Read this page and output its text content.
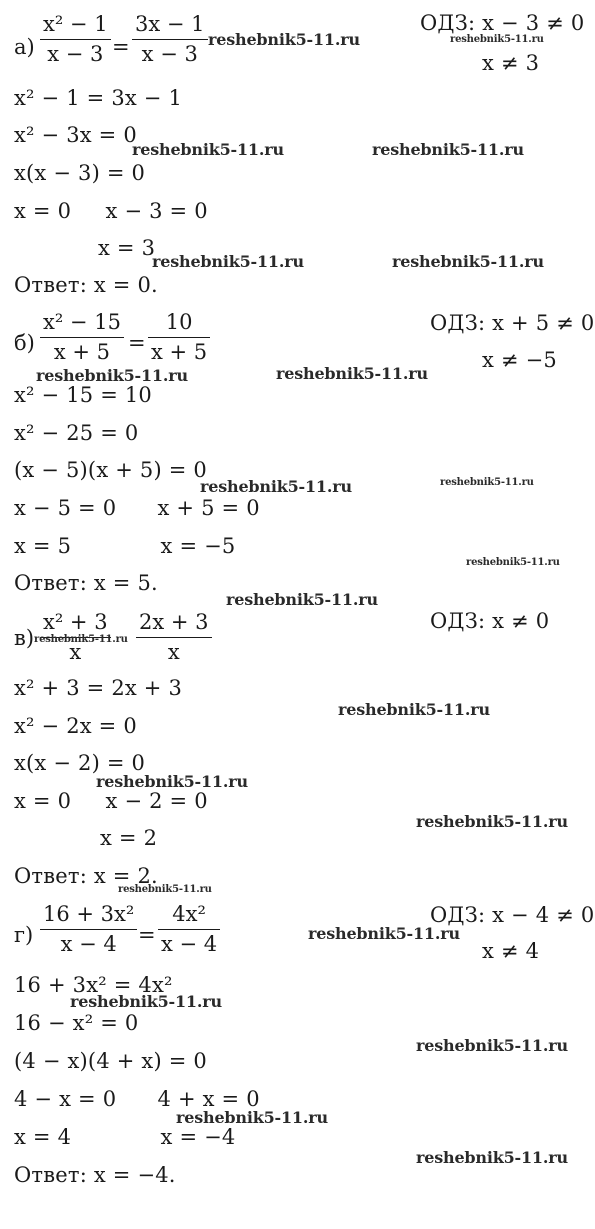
а)
x² − 1
x − 3 =
3x − 1
x − 3
ОДЗ: x − 3 ≠ 0
x ≠ 3
x² − 1 = 3x − 1
x² − 3x = 0
x(x − 3) = 0
x = 0     x − 3 = 0
x = 3
Ответ: x = 0.
б)
x² − 15
x + 5 =
10
x + 5
ОДЗ: x + 5 ≠ 0
x ≠ −5
x² − 15 = 10
x² − 25 = 0
(x − 5)(x + 5) = 0
x − 5 = 0      x + 5 = 0
x = 5             x = −5
Ответ: x = 5.
в)
x² + 3
x
2x + 3
x
ОДЗ: x ≠ 0
x² + 3 = 2x + 3
x² − 2x = 0
x(x − 2) = 0
x = 0     x − 2 = 0
x = 2
Ответ: x = 2.
г)
16 + 3x²
x − 4 =
4x²
x − 4
ОДЗ: x − 4 ≠ 0
x ≠ 4
16 + 3x² = 4x²
16 − x² = 0
(4 − x)(4 + x) = 0
4 − x = 0      4 + x = 0
x = 4             x = −4
Ответ: x = −4.
reshebnik5-11.ru	reshebnik5-11.ru
reshebnik5-11.ru	reshebnik5-11.ru
reshebnik5-11.ru	reshebnik5-11.ru
reshebnik5-11.ru	reshebnik5-11.ru
reshebnik5-11.ru	reshebnik5-11.ru
reshebnik5-11.ru
reshebnik5-11.ru
reshebnik5-11.ru
reshebnik5-11.ru
reshebnik5-11.ru
reshebnik5-11.ru
reshebnik5-11.ru
reshebnik5-11.ru
reshebnik5-11.ru
reshebnik5-11.ru
reshebnik5-11.ru
reshebnik5-11.ru
